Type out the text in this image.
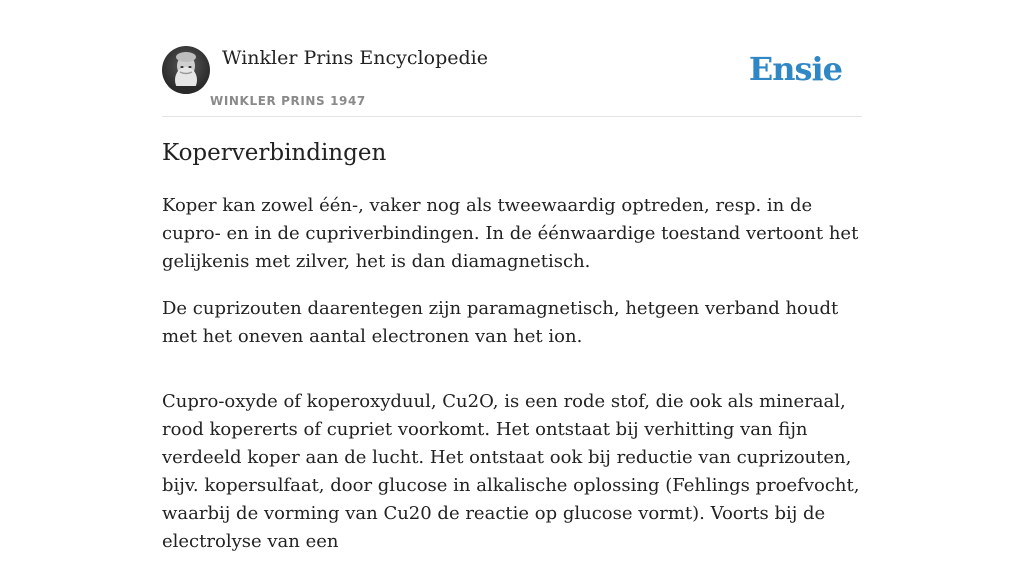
Winkler Prins Encyclopedie
WINKLER PRINS 1947
Ensie
Koperverbindingen

Koper kan zowel één-, vaker nog als tweewaardig optreden, resp. in de cupro- en in de cupriverbindingen. In de éénwaardige toestand vertoont het gelijkenis met zilver, het is dan diamagnetisch.

De cuprizouten daarentegen zijn paramagnetisch, hetgeen verband houdt met het oneven aantal electronen van het ion.

Cupro-oxyde of koperoxyduul, Cu2O, is een rode stof, die ook als mineraal, rood kopererts of cupriet voorkomt. Het ontstaat bij verhitting van fijn verdeeld koper aan de lucht. Het ontstaat ook bij reductie van cuprizouten, bijv. kopersulfaat, door glucose in alkalische oplossing (Fehlings proefvocht, waarbij de vorming van Cu20 de reactie op glucose vormt). Voorts bij de electrolyse van een
